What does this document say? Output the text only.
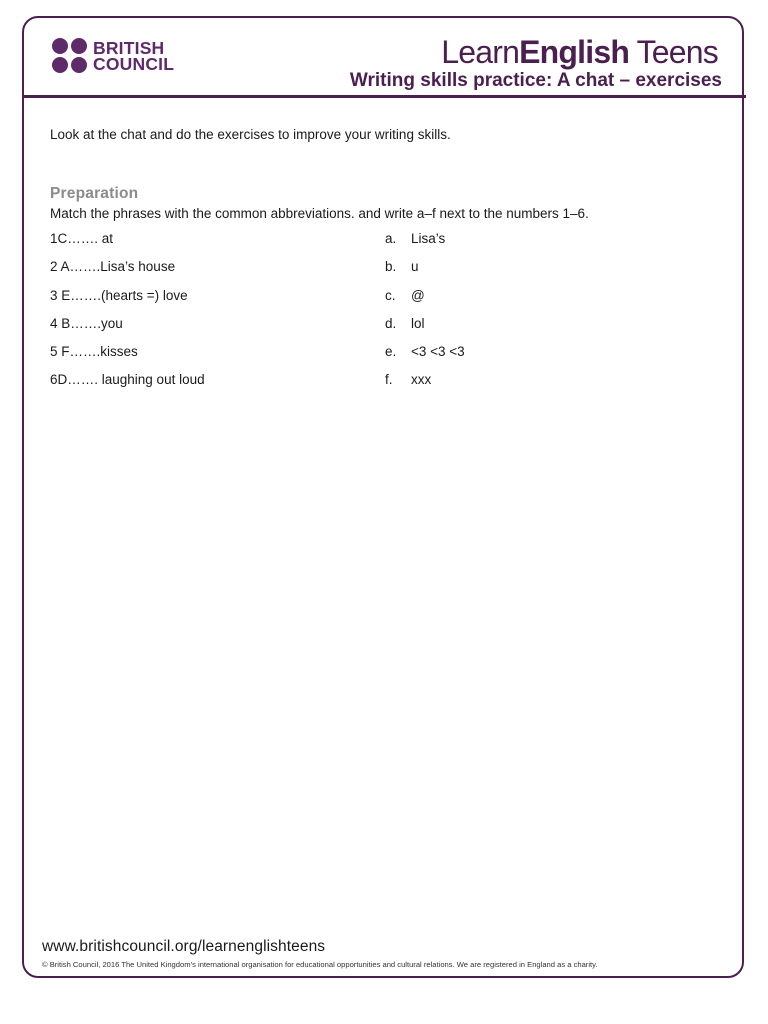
BRITISH
COUNCIL	LearnEnglish Teens
Writing skills practice: A chat – exercises
Look at the chat and do the exercises to improve your writing skills.
Preparation
Match the phrases with the common abbreviations. and write a–f next to the numbers 1–6.
1C……. at
2 A…….Lisa’s house
3 E…….(hearts =) love
4 B…….you
5 F…….kisses
6D……. laughing out loud
a. Lisa’s
b. u
c. @
d. lol
e. <3 <3 <3
f. xxx
www.britishcouncil.org/learnenglishteens
© British Council, 2016 The United Kingdom’s international organisation for educational opportunities and cultural relations. We are registered in England as a charity.
